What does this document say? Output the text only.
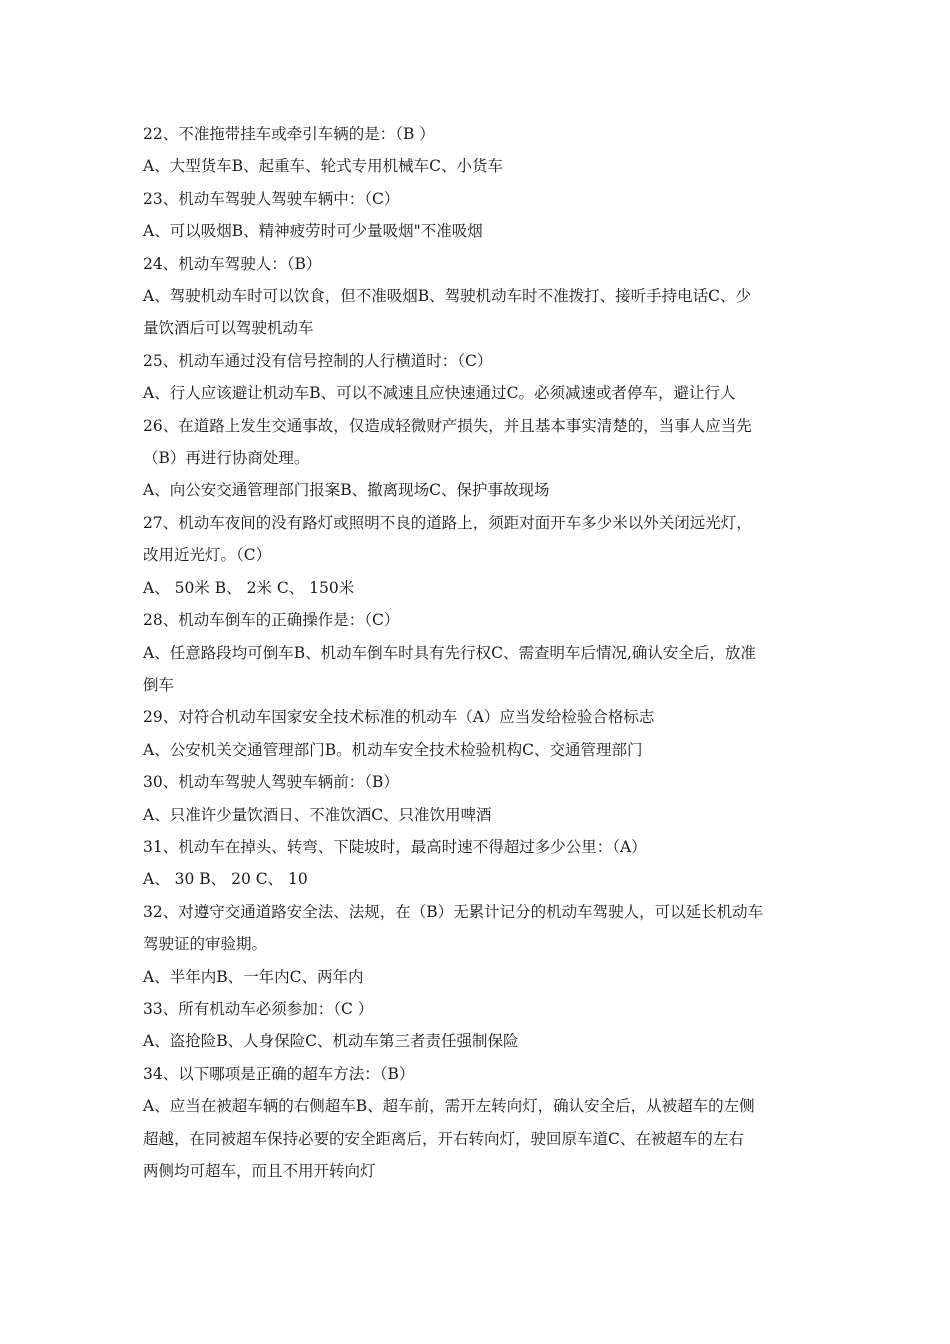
22、不准拖带挂车或牵引车辆的是：（B ）

A、大型货车B、起重车、轮式专用机械车C、小货车

23、机动车驾驶人驾驶车辆中：（C）

A、可以吸烟B、精神疲劳时可少量吸烟"不准吸烟

24、机动车驾驶人：（B）

A、驾驶机动车时可以饮食，但不准吸烟B、驾驶机动车时不准拨打、接听手持电话C、少

量饮酒后可以驾驶机动车

25、机动车通过没有信号控制的人行横道时：（C）

A、行人应该避让机动车B、可以不减速且应快速通过C。必须减速或者停车，避让行人

26、在道路上发生交通事故，仅造成轻微财产损失，并且基本事实清楚的，当事人应当先

（B）再进行协商处理。

A、向公安交通管理部门报案B、撤离现场C、保护事故现场

27、机动车夜间的没有路灯或照明不良的道路上，须距对面开车多少米以外关闭远光灯，

改用近光灯。（C）

A、 50米 B、 2米 C、 150米

28、机动车倒车的正确操作是：（C）

A、任意路段均可倒车B、机动车倒车时具有先行权C、需查明车后情况,确认安全后，放准

倒车

29、对符合机动车国家安全技术标准的机动车（A）应当发给检验合格标志

A、公安机关交通管理部门B。机动车安全技术检验机构C、交通管理部门

30、机动车驾驶人驾驶车辆前：（B）

A、只准许少量饮酒日、不准饮酒C、只准饮用啤酒

31、机动车在掉头、转弯、下陡坡时，最高时速不得超过多少公里：（A）

A、 30 B、 20 C、 10

32、对遵守交通道路安全法、法规，在（B）无累计记分的机动车驾驶人，可以延长机动车

驾驶证的审验期。

A、半年内B、一年内C、两年内

33、所有机动车必须参加：（C ）

A、盗抢险B、人身保险C、机动车第三者责任强制保险

34、以下哪项是正确的超车方法：（B）

A、应当在被超车辆的右侧超车B、超车前，需开左转向灯，确认安全后，从被超车的左侧

超越，在同被超车保持必要的安全距离后，开右转向灯，驶回原车道C、在被超车的左右

两侧均可超车，而且不用开转向灯
